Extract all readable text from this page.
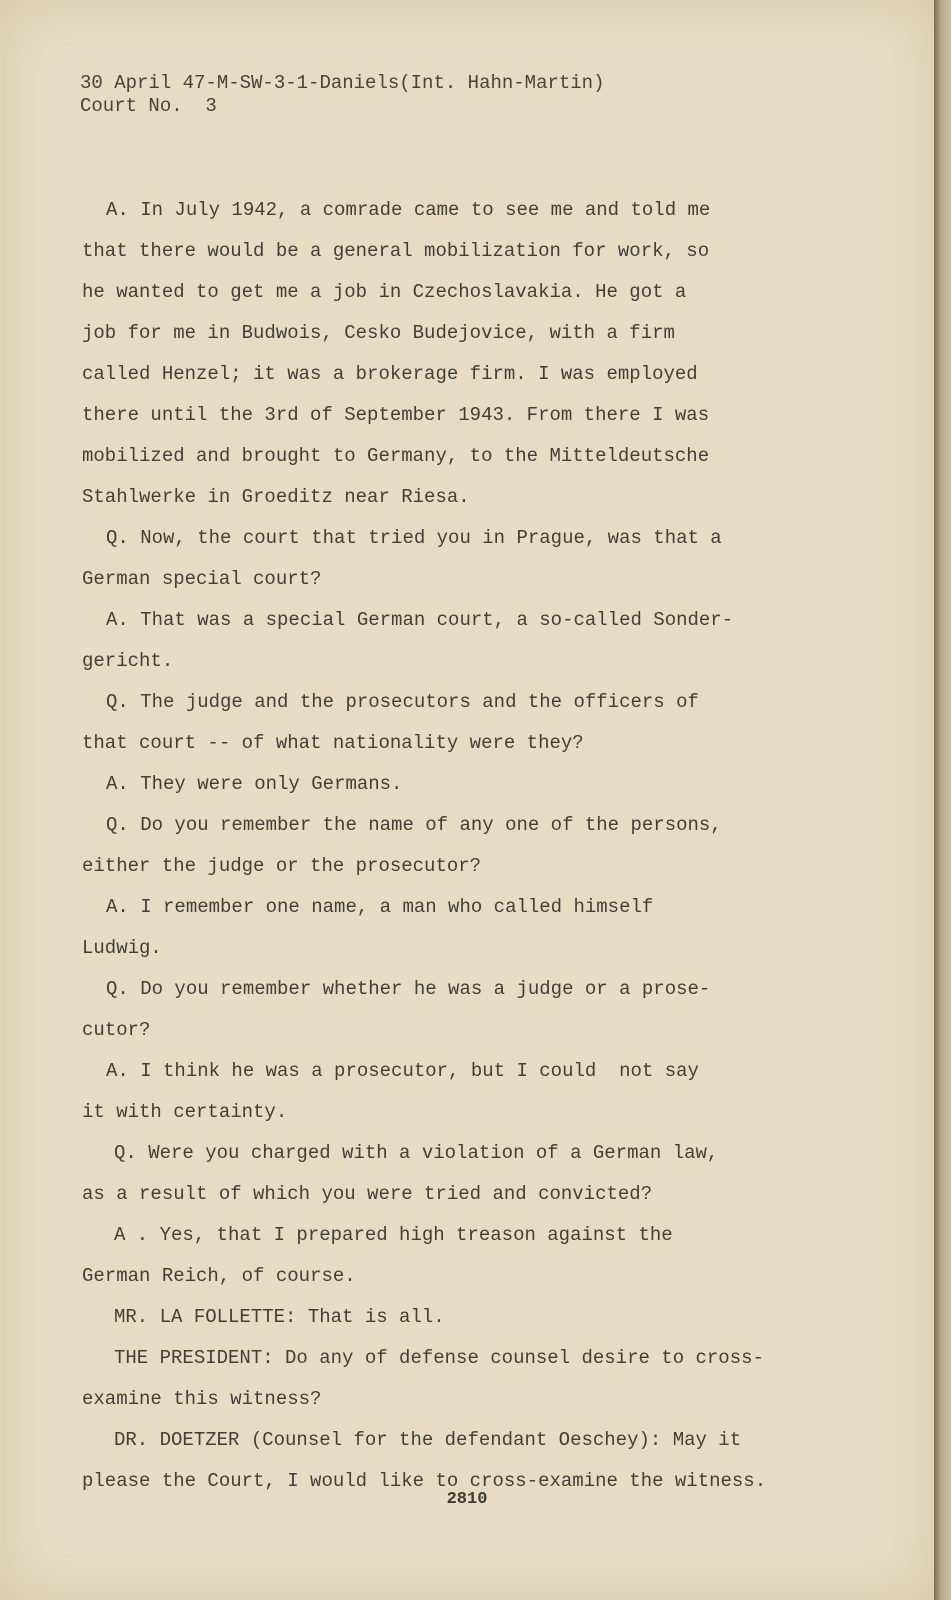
30 April 47-M-SW-3-1-Daniels(Int. Hahn-Martin)
Court No.  3
A. In July 1942, a comrade came to see me and told me
that there would be a general mobilization for work, so
he wanted to get me a job in Czechoslavakia. He got a
job for me in Budwois, Cesko Budejovice, with a firm
called Henzel; it was a brokerage firm. I was employed
there until the 3rd of September 1943. From there I was
mobilized and brought to Germany, to the Mitteldeutsche
Stahlwerke in Groeditz near Riesa.
Q. Now, the court that tried you in Prague, was that a
German special court?
A. That was a special German court, a so-called Sonder-
gericht.
Q. The judge and the prosecutors and the officers of
that court -- of what nationality were they?
A. They were only Germans.
Q. Do you remember the name of any one of the persons,
either the judge or the prosecutor?
A. I remember one name, a man who called himself
Ludwig.
Q. Do you remember whether he was a judge or a prose-
cutor?
A. I think he was a prosecutor, but I could  not say
it with certainty.
Q. Were you charged with a violation of a German law,
as a result of which you were tried and convicted?
A . Yes, that I prepared high treason against the
German Reich, of course.
MR. LA FOLLETTE: That is all.
THE PRESIDENT: Do any of defense counsel desire to cross-
examine this witness?
DR. DOETZER (Counsel for the defendant Oeschey): May it
please the Court, I would like to cross-examine the witness.
2810
